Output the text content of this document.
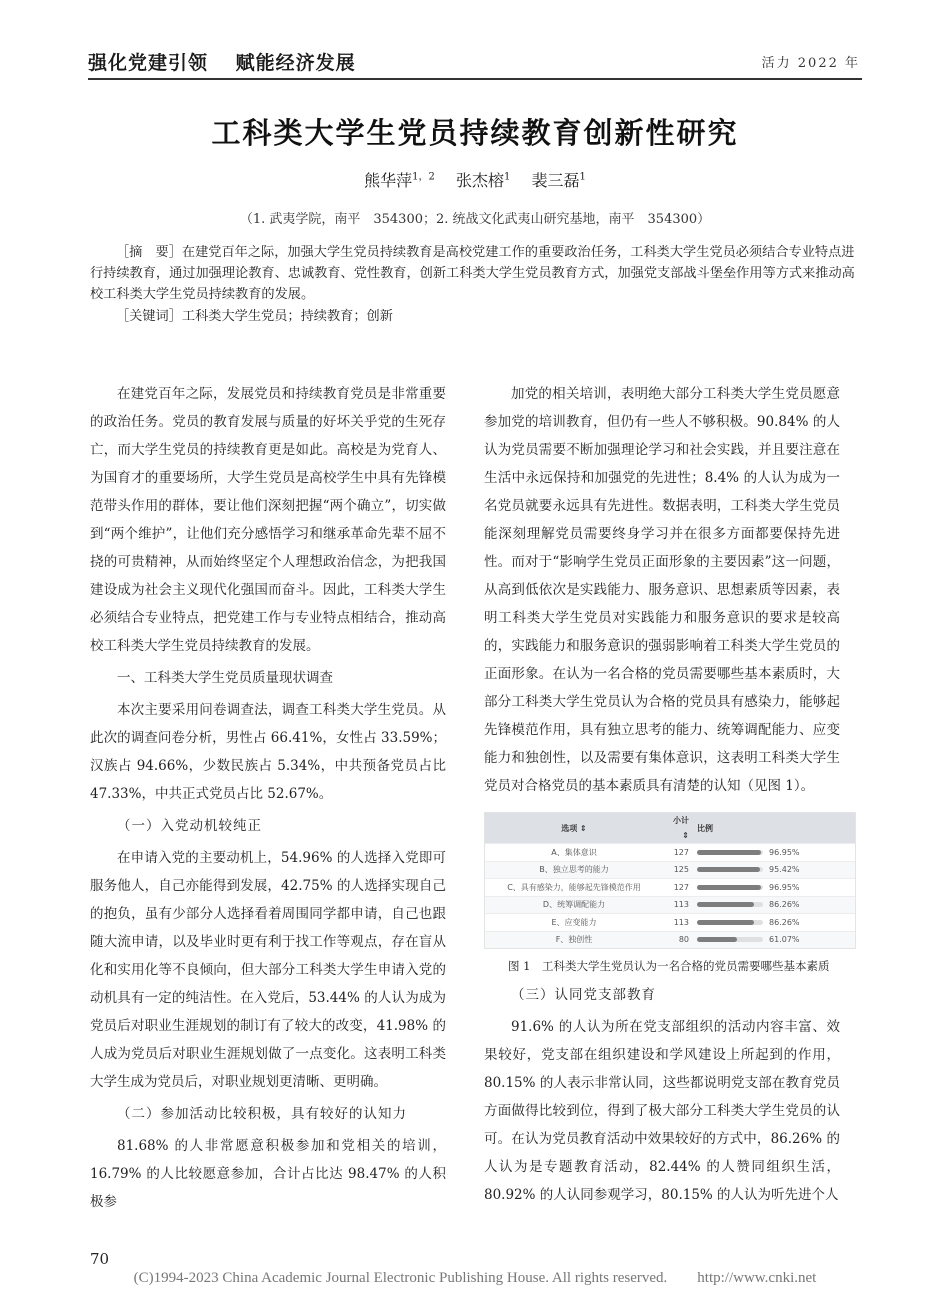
强化党建引领 赋能经济发展	活力 2022 年
工科类大学生党员持续教育创新性研究
熊华萍$^{1,2}$ 张杰榕$^1$ 裴三磊$^1$
（1. 武夷学院，南平　354300；2. 统战文化武夷山研究基地，南平　354300）

［摘　要］在建党百年之际，加强大学生党员持续教育是高校党建工作的重要政治任务，工科类大学生党员必须结合专业特点进行持续教育，通过加强理论教育、忠诚教育、党性教育，创新工科类大学生党员教育方式，加强党支部战斗堡垒作用等方式来推动高校工科类大学生党员持续教育的发展。

［关键词］工科类大学生党员；持续教育；创新

在建党百年之际，发展党员和持续教育党员是非常重要的政治任务。党员的教育发展与质量的好坏关乎党的生死存亡，而大学生党员的持续教育更是如此。高校是为党育人、为国育才的重要场所，大学生党员是高校学生中具有先锋模范带头作用的群体，要让他们深刻把握“两个确立”，切实做到“两个维护”，让他们充分感悟学习和继承革命先辈不屈不挠的可贵精神，从而始终坚定个人理想政治信念，为把我国建设成为社会主义现代化强国而奋斗。因此，工科类大学生必须结合专业特点，把党建工作与专业特点相结合，推动高校工科类大学生党员持续教育的发展。

一、工科类大学生党员质量现状调查

本次主要采用问卷调查法，调查工科类大学生党员。从此次的调查问卷分析，男性占 66.41%，女性占 33.59%；汉族占 94.66%，少数民族占 5.34%，中共预备党员占比 47.33%，中共正式党员占比 52.67%。

（一）入党动机较纯正

在申请入党的主要动机上，54.96% 的人选择入党即可服务他人，自己亦能得到发展，42.75% 的人选择实现自己的抱负，虽有少部分人选择看着周围同学都申请，自己也跟随大流申请，以及毕业时更有利于找工作等观点，存在盲从化和实用化等不良倾向，但大部分工科类大学生申请入党的动机具有一定的纯洁性。在入党后，53.44% 的人认为成为党员后对职业生涯规划的制订有了较大的改变，41.98% 的人成为党员后对职业生涯规划做了一点变化。这表明工科类大学生成为党员后，对职业规划更清晰、更明确。

（二）参加活动比较积极，具有较好的认知力

81.68% 的人非常愿意积极参加和党相关的培训，16.79% 的人比较愿意参加，合计占比达 98.47% 的人积极参

加党的相关培训，表明绝大部分工科类大学生党员愿意参加党的培训教育，但仍有一些人不够积极。90.84% 的人认为党员需要不断加强理论学习和社会实践，并且要注意在生活中永远保持和加强党的先进性；8.4% 的人认为成为一名党员就要永远具有先进性。数据表明，工科类大学生党员能深刻理解党员需要终身学习并在很多方面都要保持先进性。而对于“影响学生党员正面形象的主要因素”这一问题，从高到低依次是实践能力、服务意识、思想素质等因素，表明工科类大学生党员对实践能力和服务意识的要求是较高的，实践能力和服务意识的强弱影响着工科类大学生党员的正面形象。在认为一名合格的党员需要哪些基本素质时，大部分工科类大学生党员认为合格的党员具有感染力，能够起先锋模范作用，具有独立思考的能力、统筹调配能力、应变能力和独创性，以及需要有集体意识，这表明工科类大学生党员对合格党员的基本素质具有清楚的认知（见图 1）。

选项 ⇕	小计 ⇕	比例
A、集体意识	127	96.95%
B、独立思考的能力	125	95.42%
C、具有感染力，能够起先锋模范作用	127	96.95%
D、统筹调配能力	113	86.26%
E、应变能力	113	86.26%
F、独创性	80	61.07%
图 1　工科类大学生党员认为一名合格的党员需要哪些基本素质
（三）认同党支部教育

91.6% 的人认为所在党支部组织的活动内容丰富、效果较好，党支部在组织建设和学风建设上所起到的作用，80.15% 的人表示非常认同，这些都说明党支部在教育党员方面做得比较到位，得到了极大部分工科类大学生党员的认可。在认为党员教育活动中效果较好的方式中，86.26% 的人认为是专题教育活动，82.44% 的人赞同组织生活，80.92% 的人认同参观学习，80.15% 的人认为听先进个人

70
(C)1994-2023 China Academic Journal Electronic Publishing House. All rights reserved.　　http://www.cnki.net
